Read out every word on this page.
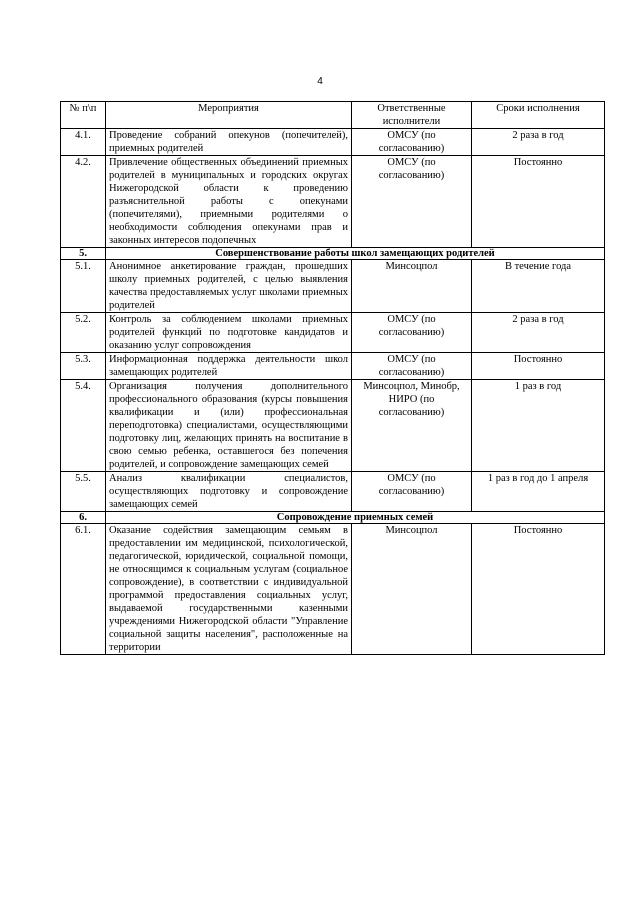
4
№ п\п	Мероприятия	Ответственные исполнители	Сроки исполнения
4.1.	Проведение собраний опекунов (попечителей), приемных родителей	ОМСУ (по согласованию)	2 раза в год
4.2.	Привлечение общественных объединений приемных родителей в муниципальных и городских округах Нижегородской области к проведению разъяснительной работы с опекунами (попечителями), приемными родителями о необходимости соблюдения опекунами прав и законных интересов подопечных	ОМСУ (по согласованию)	Постоянно
5.	Совершенствование работы школ замещающих родителей		
5.1.	Анонимное анкетирование граждан, прошедших школу приемных родителей, с целью выявления качества предоставляемых услуг школами приемных родителей	Минсоцпол	В течение года
5.2.	Контроль за соблюдением школами приемных родителей функций по подготовке кандидатов и оказанию услуг сопровождения	ОМСУ (по согласованию)	2 раза в год
5.3.	Информационная поддержка деятельности школ замещающих родителей	ОМСУ (по согласованию)	Постоянно
5.4.	Организация получения дополнительного профессионального образования (курсы повышения квалификации и (или) профессиональная переподготовка) специалистами, осуществляющими подготовку лиц, желающих принять на воспитание в свою семью ребенка, оставшегося без попечения родителей, и сопровождение замещающих семей	Минсоцпол, Минобр, НИРО (по согласованию)	1 раз в год
5.5.	Анализ квалификации специалистов, осуществляющих подготовку и сопровождение замещающих семей	ОМСУ (по согласованию)	1 раз в год до 1 апреля
6.	Сопровождение приемных семей		
6.1.	Оказание содействия замещающим семьям в предоставлении им медицинской, психологической, педагогической, юридической, социальной помощи, не относящимся к социальным услугам (социальное сопровождение), в соответствии с индивидуальной программой предоставления социальных услуг, выдаваемой государственными казенными учреждениями Нижегородской области "Управление социальной защиты населения", расположенные на территории	Минсоцпол	Постоянно
